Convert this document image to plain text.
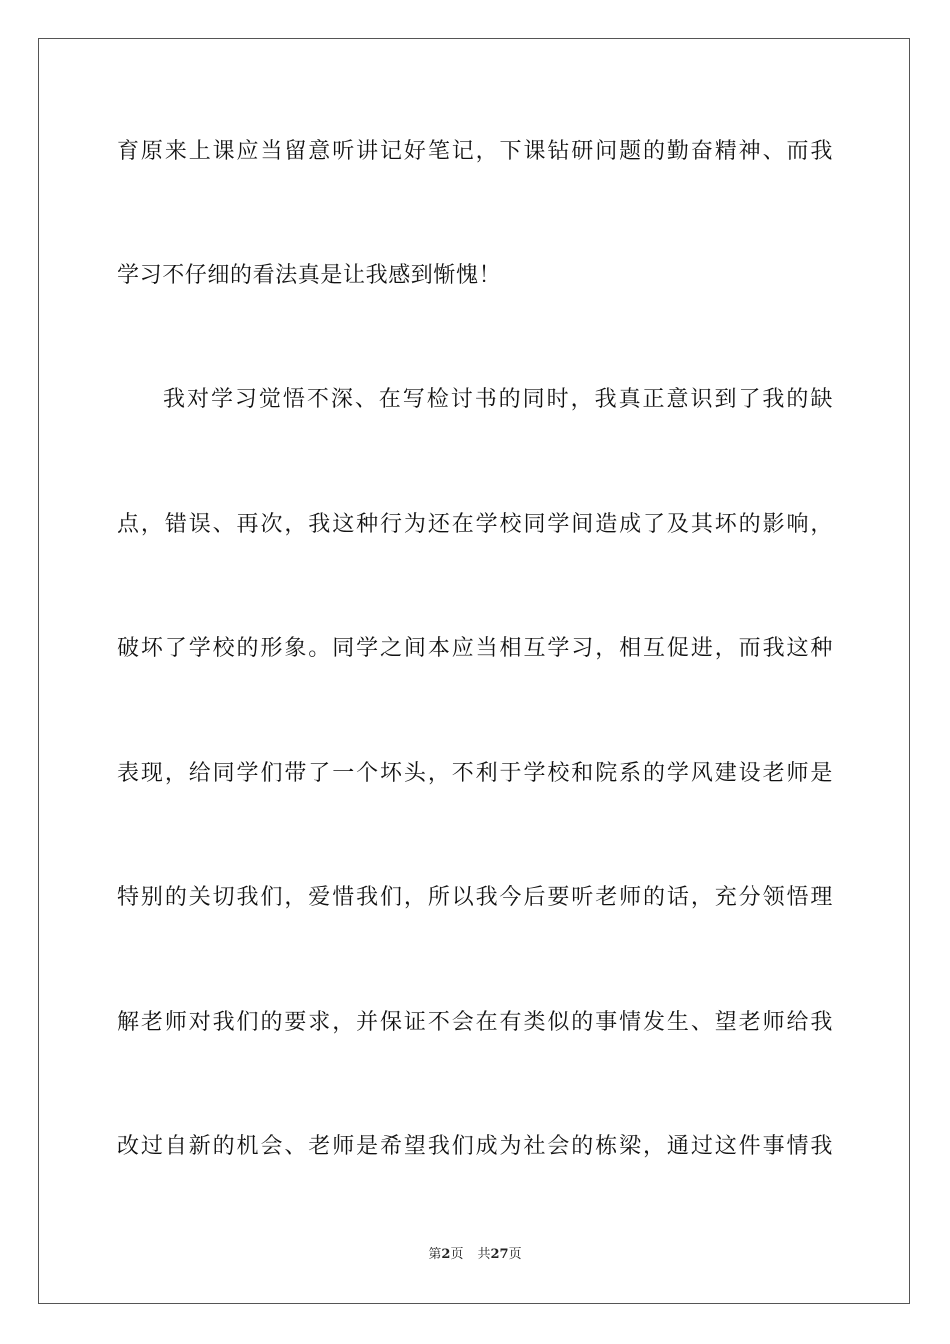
育原来上课应当留意听讲记好笔记，下课钻研问题的勤奋精神、而我
学习不仔细的看法真是让我感到惭愧！
我对学习觉悟不深、在写检讨书的同时，我真正意识到了我的缺
点，错误、再次，我这种行为还在学校同学间造成了及其坏的影响，
破坏了学校的形象。同学之间本应当相互学习，相互促进，而我这种
表现，给同学们带了一个坏头，不利于学校和院系的学风建设老师是
特别的关切我们，爱惜我们，所以我今后要听老师的话，充分领悟理
解老师对我们的要求，并保证不会在有类似的事情发生、望老师给我
改过自新的机会、老师是希望我们成为社会的栋梁，通过这件事情我
第2页 共27页
